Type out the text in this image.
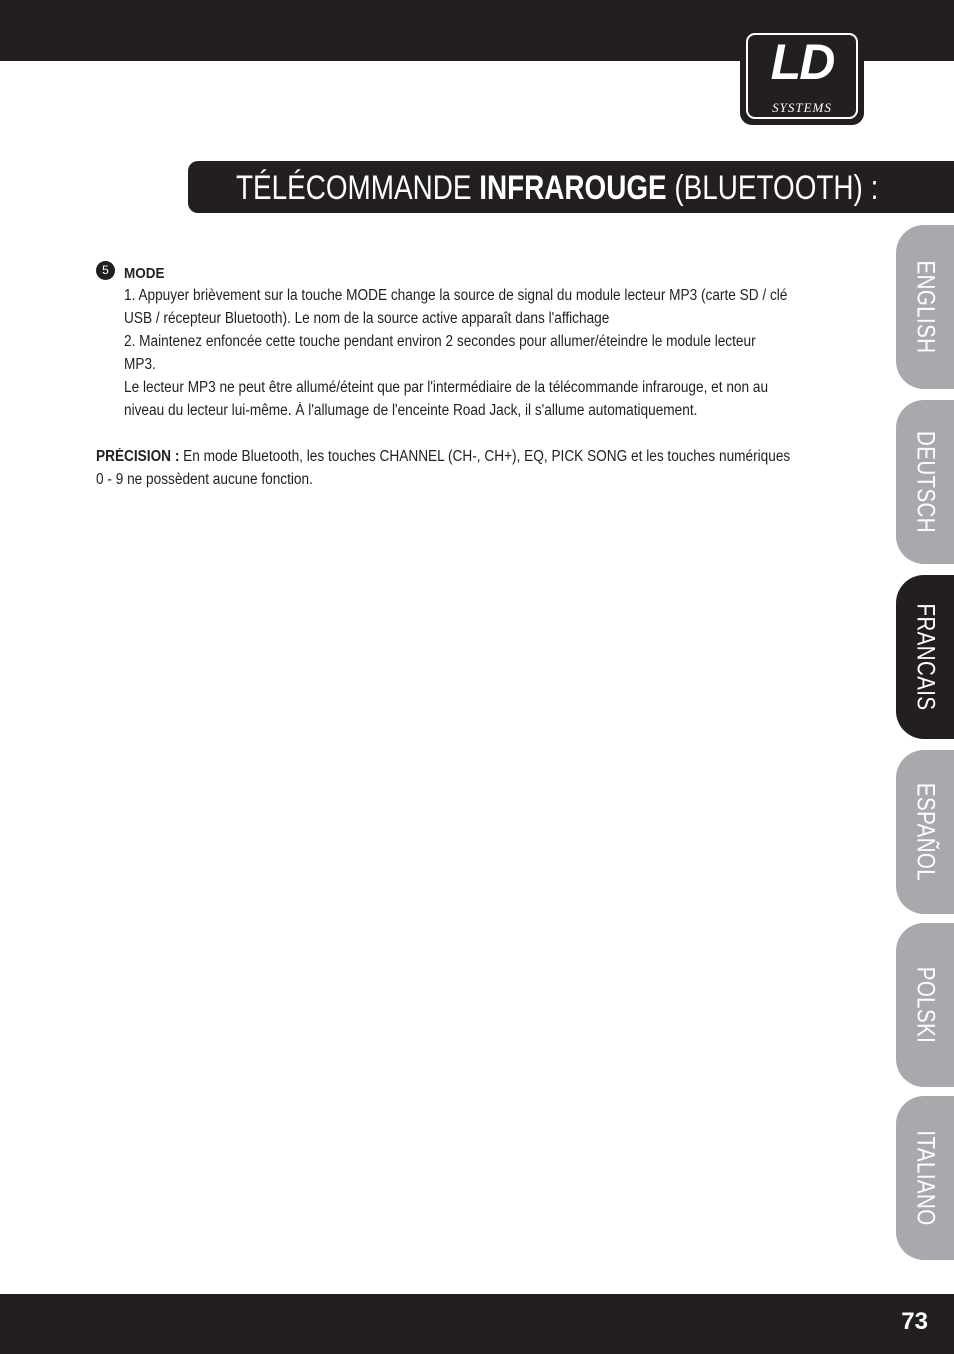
LD
SYSTEMS
TÉLÉCOMMANDE INFRAROUGE (BLUETOOTH) :
5	MODE

1. Appuyer brièvement sur la touche MODE change la source de signal du module lecteur MP3 (carte SD / clé

USB / récepteur Bluetooth). Le nom de la source active apparaît dans l'affichage

2. Maintenez enfoncée cette touche pendant environ 2 secondes pour allumer/éteindre le module lecteur

MP3.

Le lecteur MP3 ne peut être allumé/éteint que par l'intermédiaire de la télécommande infrarouge, et non au

niveau du lecteur lui-même. À l'allumage de l'enceinte Road Jack, il s'allume automatiquement.

PRÉCISION : En mode Bluetooth, les touches CHANNEL (CH-, CH+), EQ, PICK SONG et les touches numériques

0 - 9 ne possèdent aucune fonction.

ENGLISH
DEUTSCH
FRANCAIS
ESPAÑOL
POLSKI
ITALIANO
73
